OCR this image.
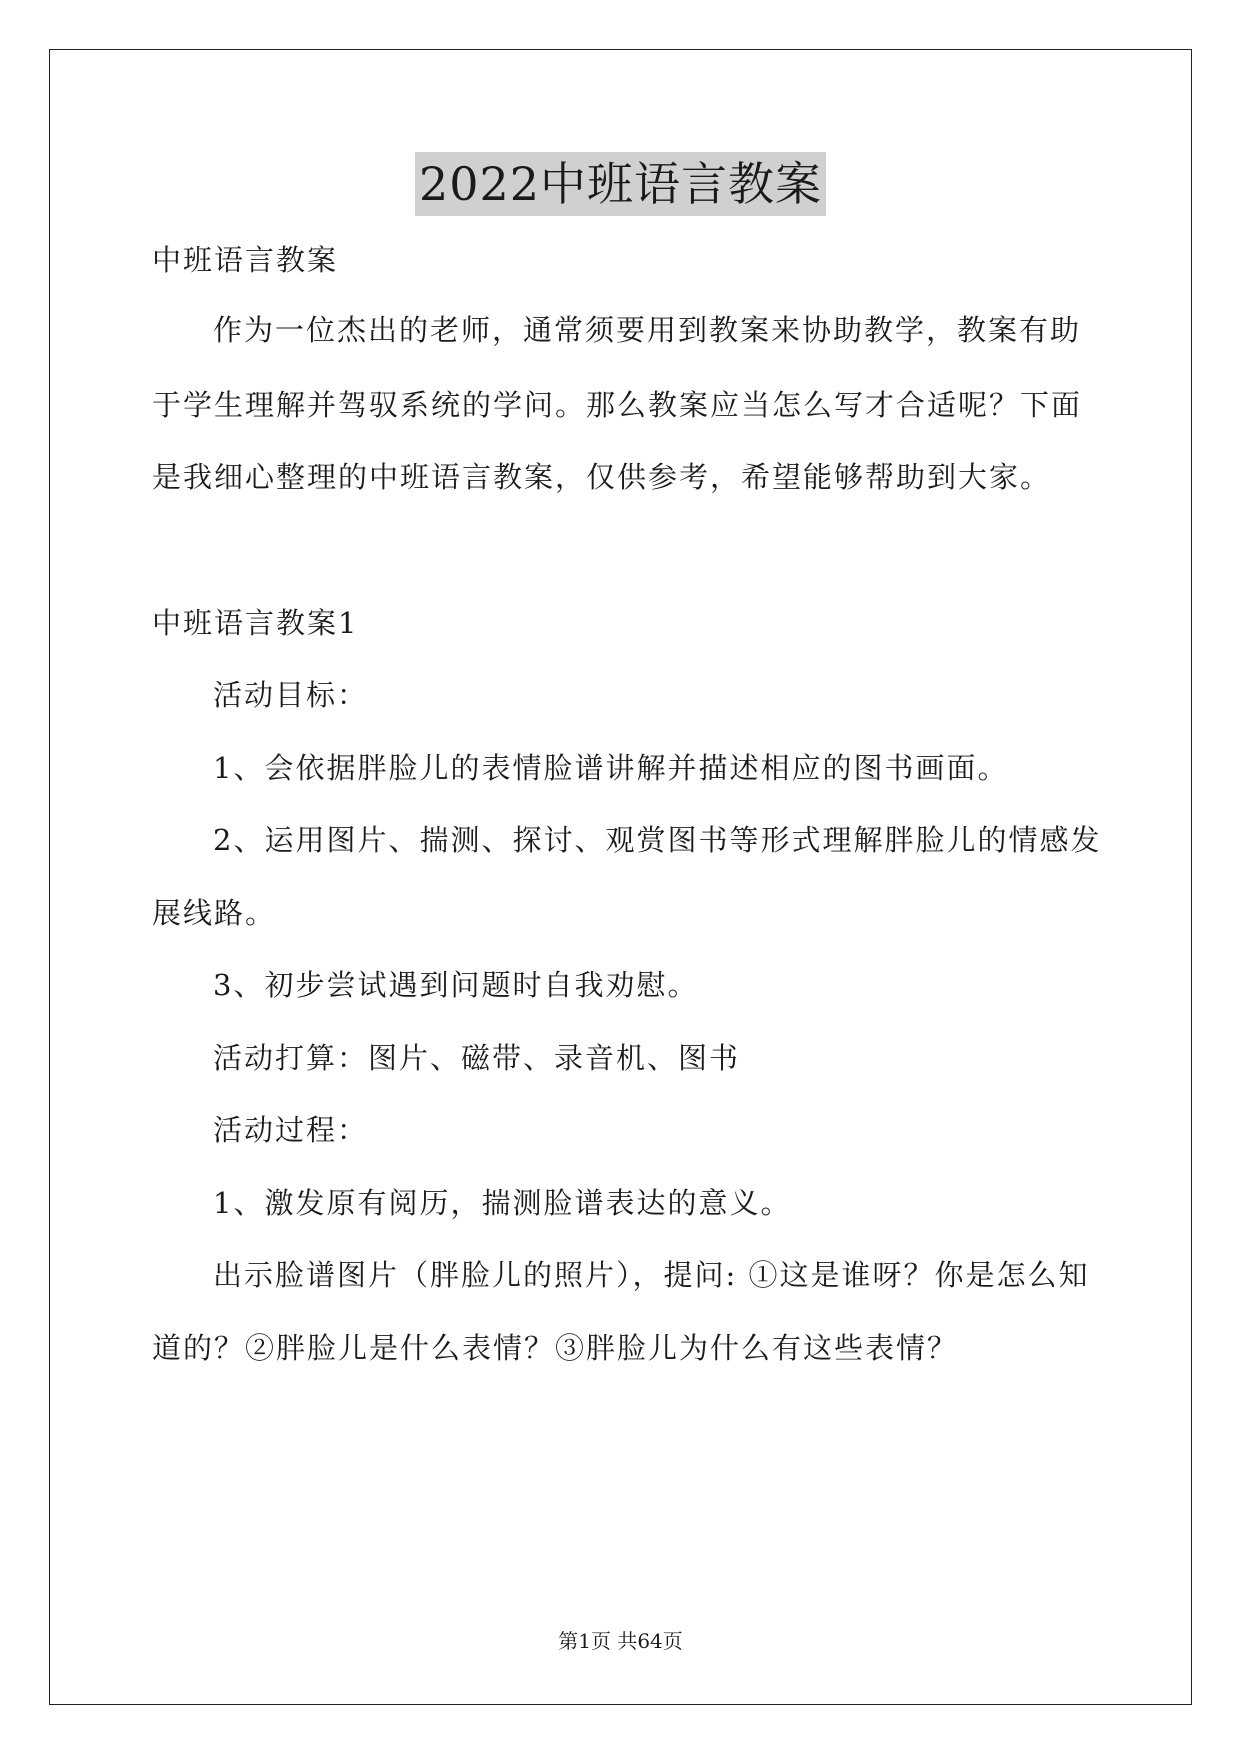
2022中班语言教案
中班语言教案
作为一位杰出的老师，通常须要用到教案来协助教学，教案有助
于学生理解并驾驭系统的学问。那么教案应当怎么写才合适呢？下面
是我细心整理的中班语言教案，仅供参考，希望能够帮助到大家。
中班语言教案1
活动目标：
1、会依据胖脸儿的表情脸谱讲解并描述相应的图书画面。
2、运用图片、揣测、探讨、观赏图书等形式理解胖脸儿的情感发
展线路。
3、初步尝试遇到问题时自我劝慰。
活动打算：图片、磁带、录音机、图书
活动过程：
1、激发原有阅历，揣测脸谱表达的意义。
出示脸谱图片（胖脸儿的照片），提问: ①这是谁呀？你是怎么知
道的？②胖脸儿是什么表情？③胖脸儿为什么有这些表情？
第1页 共64页
